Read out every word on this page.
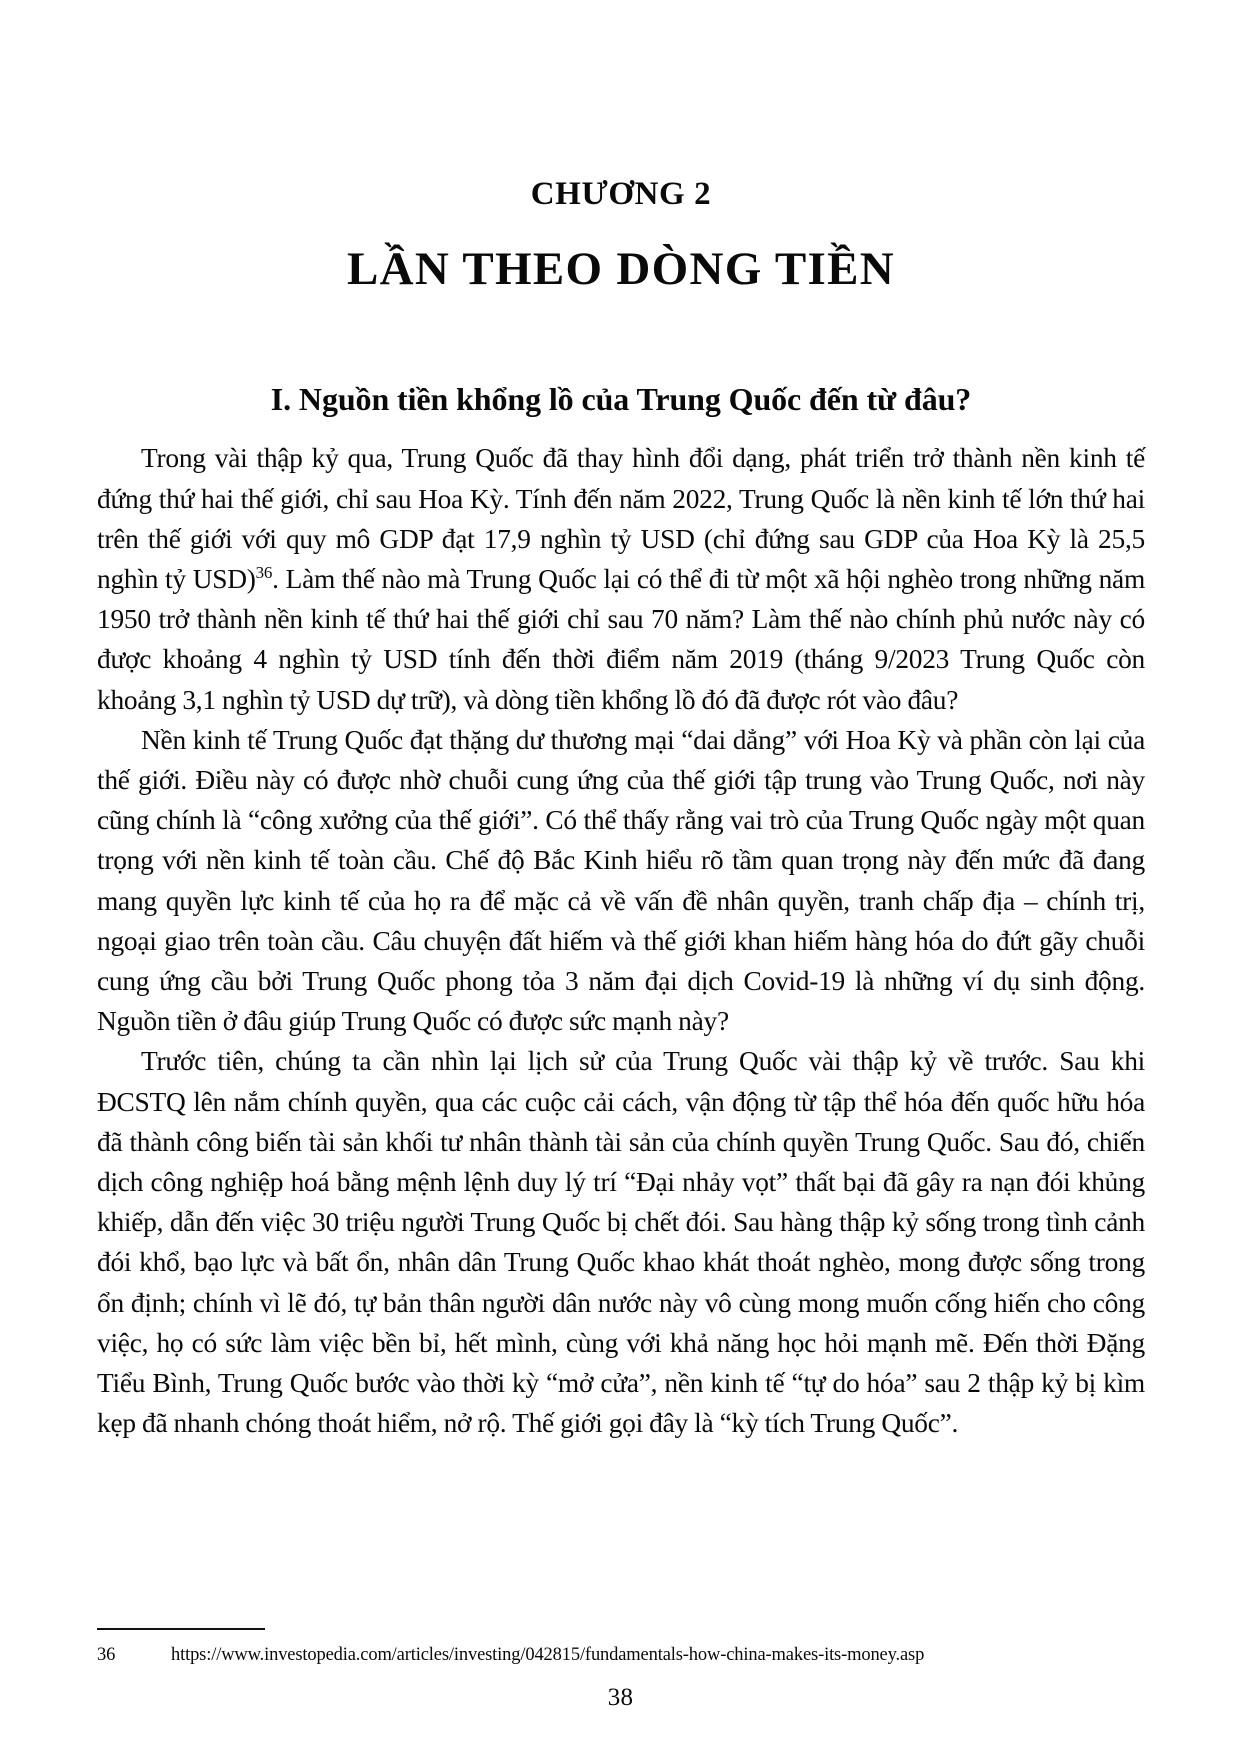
CHƯƠNG 2
LẦN THEO DÒNG TIỀN
I. Nguồn tiền khổng lồ của Trung Quốc đến từ đâu?

Trong vài thập kỷ qua, Trung Quốc đã thay hình đổi dạng, phát triển trở thành nền kinh tế đứng thứ hai thế giới, chỉ sau Hoa Kỳ. Tính đến năm 2022, Trung Quốc là nền kinh tế lớn thứ hai trên thế giới với quy mô GDP đạt 17,9 nghìn tỷ USD (chỉ đứng sau GDP của Hoa Kỳ là 25,5 nghìn tỷ USD)$^{36}$. Làm thế nào mà Trung Quốc lại có thể đi từ một xã hội nghèo trong những năm 1950 trở thành nền kinh tế thứ hai thế giới chỉ sau 70 năm? Làm thế nào chính phủ nước này có được khoảng 4 nghìn tỷ USD tính đến thời điểm năm 2019 (tháng 9/2023 Trung Quốc còn khoảng 3,1 nghìn tỷ USD dự trữ), và dòng tiền khổng lồ đó đã được rót vào đâu?

Nền kinh tế Trung Quốc đạt thặng dư thương mại “dai dẳng” với Hoa Kỳ và phần còn lại của thế giới. Điều này có được nhờ chuỗi cung ứng của thế giới tập trung vào Trung Quốc, nơi này cũng chính là “công xưởng của thế giới”. Có thể thấy rằng vai trò của Trung Quốc ngày một quan trọng với nền kinh tế toàn cầu. Chế độ Bắc Kinh hiểu rõ tầm quan trọng này đến mức đã đang mang quyền lực kinh tế của họ ra để mặc cả về vấn đề nhân quyền, tranh chấp địa – chính trị, ngoại giao trên toàn cầu. Câu chuyện đất hiếm và thế giới khan hiếm hàng hóa do đứt gãy chuỗi cung ứng cầu bởi Trung Quốc phong tỏa 3 năm đại dịch Covid-19 là những ví dụ sinh động. Nguồn tiền ở đâu giúp Trung Quốc có được sức mạnh này?

Trước tiên, chúng ta cần nhìn lại lịch sử của Trung Quốc vài thập kỷ về trước. Sau khi ĐCSTQ lên nắm chính quyền, qua các cuộc cải cách, vận động từ tập thể hóa đến quốc hữu hóa đã thành công biến tài sản khối tư nhân thành tài sản của chính quyền Trung Quốc. Sau đó, chiến dịch công nghiệp hoá bằng mệnh lệnh duy lý trí “Đại nhảy vọt” thất bại đã gây ra nạn đói khủng khiếp, dẫn đến việc 30 triệu người Trung Quốc bị chết đói. Sau hàng thập kỷ sống trong tình cảnh đói khổ, bạo lực và bất ổn, nhân dân Trung Quốc khao khát thoát nghèo, mong được sống trong ổn định; chính vì lẽ đó, tự bản thân người dân nước này vô cùng mong muốn cống hiến cho công việc, họ có sức làm việc bền bỉ, hết mình, cùng với khả năng học hỏi mạnh mẽ. Đến thời Đặng Tiểu Bình, Trung Quốc bước vào thời kỳ “mở cửa”, nền kinh tế “tự do hóa” sau 2 thập kỷ bị kìm kẹp đã nhanh chóng thoát hiểm, nở rộ. Thế giới gọi đây là “kỳ tích Trung Quốc”.

36	https://www.investopedia.com/articles/investing/042815/fundamentals-how-china-makes-its-money.asp
38
